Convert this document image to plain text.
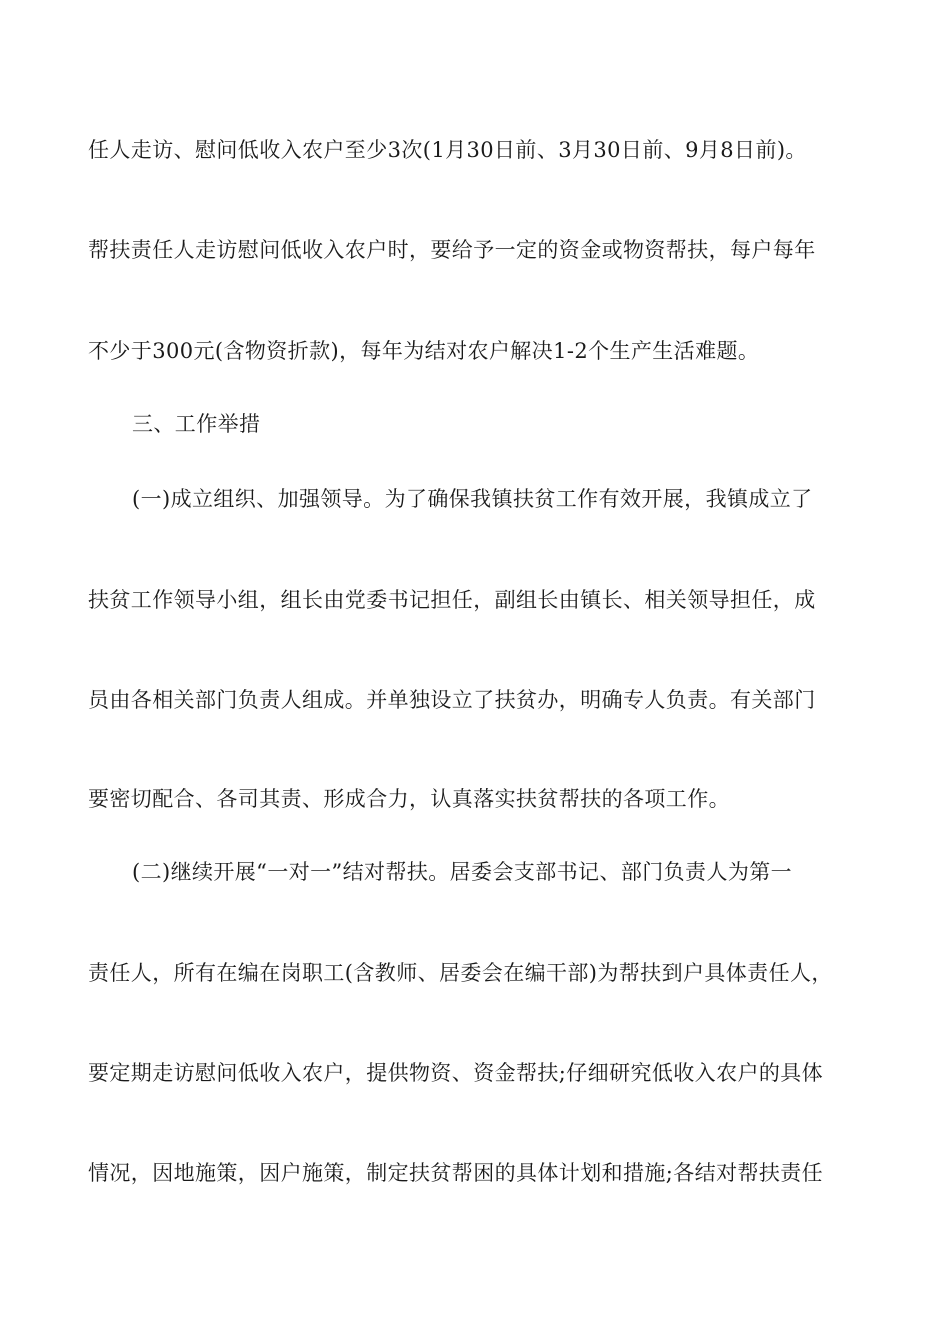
任人走访、慰问低收入农户至少3次(1月30日前、3月30日前、9月8日前)。

帮扶责任人走访慰问低收入农户时，要给予一定的资金或物资帮扶，每户每年

不少于300元(含物资折款)，每年为结对农户解决1-2个生产生活难题。

三、工作举措

(一)成立组织、加强领导。为了确保我镇扶贫工作有效开展，我镇成立了

扶贫工作领导小组，组长由党委书记担任，副组长由镇长、相关领导担任，成

员由各相关部门负责人组成。并单独设立了扶贫办，明确专人负责。有关部门

要密切配合、各司其责、形成合力，认真落实扶贫帮扶的各项工作。

(二)继续开展“一对一”结对帮扶。居委会支部书记、部门负责人为第一

责任人，所有在编在岗职工(含教师、居委会在编干部)为帮扶到户具体责任人，

要定期走访慰问低收入农户，提供物资、资金帮扶;仔细研究低收入农户的具体

情况，因地施策，因户施策，制定扶贫帮困的具体计划和措施;各结对帮扶责任
